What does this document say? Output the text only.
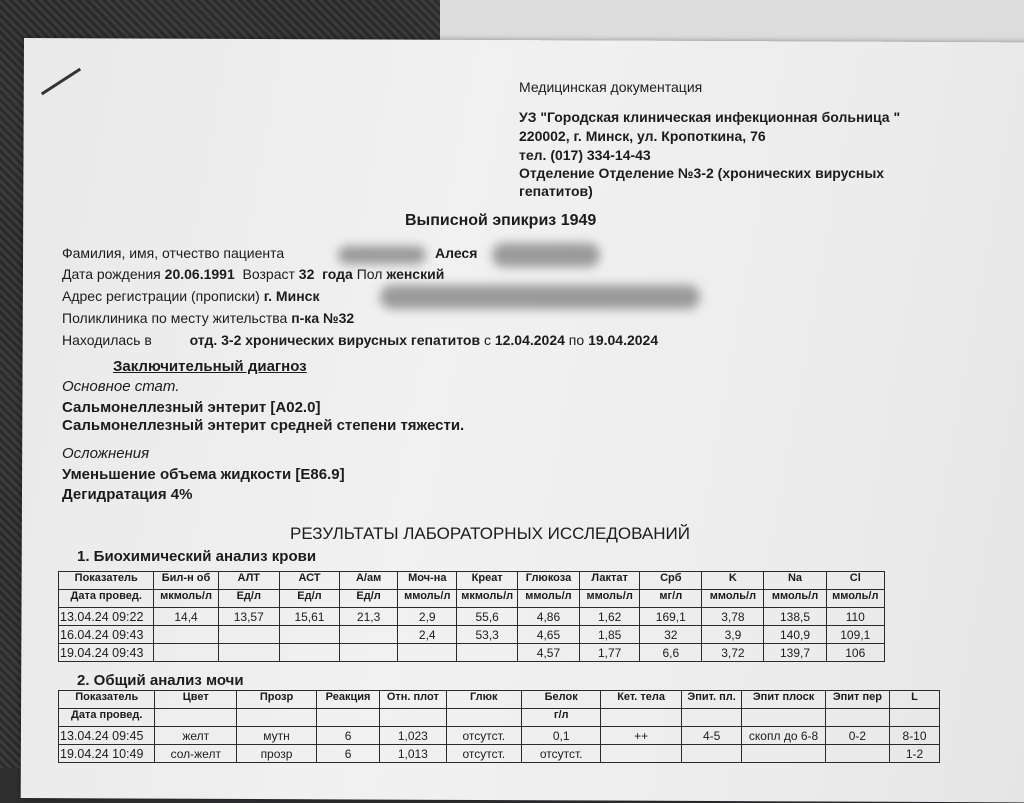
Медицинская документация
УЗ "Городская клиническая инфекционная больница "
220002, г. Минск, ул. Кропоткина, 76
тел. (017) 334-14-43
Отделение Отделение №3-2 (хронических вирусных
гепатитов)
Выписной эпикриз 1949
Фамилия, имя, отчество пациента	Алеся
Дата рождения 20.06.1991 Возраст 32 года Пол женский
Адрес регистрации (прописки) г. Минск
Поликлиника по месту жительства п-ка №32
Находилась в	отд. 3-2 хронических вирусных гепатитов с 12.04.2024 по 19.04.2024
Заключительный диагноз
Основное стат.
Сальмонеллезный энтерит [A02.0]
Сальмонеллезный энтерит средней степени тяжести.
Осложнения
Уменьшение объема жидкости [E86.9]
Дегидратация 4%
РЕЗУЛЬТАТЫ ЛАБОРАТОРНЫХ ИССЛЕДОВАНИЙ
1. Биохимический анализ крови
Показатель	Бил-н об	АЛТ	АСТ	А/ам	Моч-на	Креат	Глюкоза	Лактат	Срб	K	Na	Cl
Дата провед.	мкмоль/л	Ед/л	Ед/л	Ед/л	ммоль/л	мкмоль/л	ммоль/л	ммоль/л	мг/л	ммоль/л	ммоль/л	ммоль/л
13.04.24 09:22	14,4	13,57	15,61	21,3	2,9	55,6	4,86	1,62	169,1	3,78	138,5	110
16.04.24 09:43					2,4	53,3	4,65	1,85	32	3,9	140,9	109,1
19.04.24 09:43							4,57	1,77	6,6	3,72	139,7	106
2. Общий анализ мочи
Показатель	Цвет	Прозр	Реакция	Отн. плот	Глюк	Белок	Кет. тела	Эпит. пл.	Эпит плоск	Эпит пер	L
Дата провед.						г/л					
13.04.24 09:45	желт	мутн	6	1,023	отсутст.	0,1	++	4-5	скопл до 6-8	0-2	8-10
19.04.24 10:49	сол-желт	прозр	6	1,013	отсутст.	отсутст.					1-2
